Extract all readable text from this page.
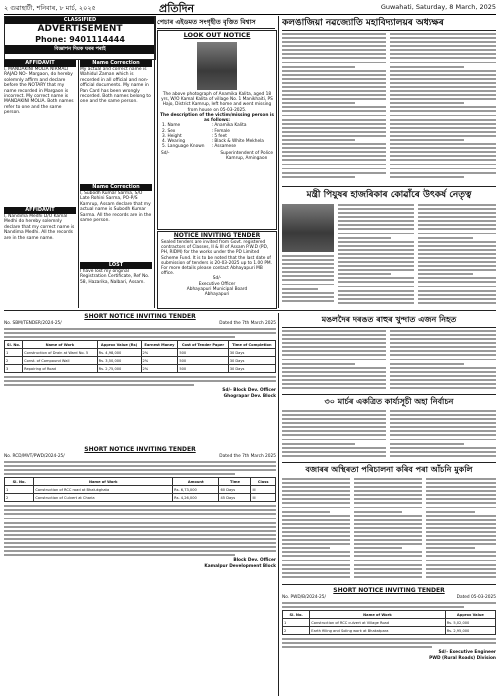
২ গুৱাহাটী, শনিবাৰ, ৮ মাৰ্চ, ২০২৫	প্ৰতিদিন	Guwahati, Saturday, 8 March, 2025
CLASSIFIED
ADVERTISEMENT
Phone: 9401114444
বিজ্ঞাপন দিয়ক ঘৰৰ পৰাই
AFFIDAVIT
I, MANDAKINI MOLIA NIRMALI RAJAD NO- Margaon, do hereby solemnly affirm and declare before the NOTARY that my name recorded in Margaon is incorrect. My correct name is MANDAKINI MOLIA. Both names refer to one and the same person.
AFFIDAVIT
I, Nandima Medhi D/O Kamal Medhi do hereby solemnly declare that my correct name is Nandima Medhi. All the records are in the same name.
Name Correction
My actual and correct name is Wahidul Zaman which is recorded in all official and non-official documents. My name in Pan Card has been wrongly recorded. Both names belong to one and the same person.
Name Correction
I, Subodh Kumar Sarma, S/O Late Rohini Sarma, PO-P/S Kamrup, Assam declare that my actual name is Subodh Kumar Sarma. All the records are in the same person.
LOST
I have lost my original Registration Certificate, Ref No. 58, Hazarika, Nalbari, Assam.
পেচাৰ এইডমত সংগৃহীত বৃত্তিত বিশ্বাস
LOOK OUT NOTICE
The above photograph of Anamika Kalita, aged 18 yrs, W/O Kamal Kalita of village No. 1 Manikhaiti, PS Hajo, District Kamrup, left home and went missing from house on 05-03-2025.
The description of the victim/missing person is as follows:
1. Name	: Anamika Kalita
2. Sex	: Female
3. Height	: 5 feet
4. Wearing	: Black & White Mekhela
5. Language Known	: Assamese
Sd/-	Superintendent of Police
Kamrup, Amingaon
NOTICE INVITING TENDER
Sealed tenders are invited from Govt. registered contractors of Classes, II & III of Assam P.W.D (PD, PH, RIDM) for the works under the PD Limited Scheme Fund. It is to be noted that the last date of submission of tenders is 20-03-2025 up to 1.00 PM. For more details please contact Abhayapuri MB office.
Sd/-
Executive Officer
Abhayapuri Municipal Board
Abhayapuri
কলঙাজিয়া নৱজ্যোতি মহাবিদ্যালয়ৰ অধ্যক্ষৰ
মন্ত্ৰী পিযুষৰ হাজৰিকাৰ কোৱাঁৰে উৎকৰ্ষ নেতৃত্ব
SHORT NOTICE INVITING TENDER
No. SBM/TENDER/2024-25/	Dated the 7th March 2025
Sl. No.	Name of Work	Approx Value (Rs)	Earnest Money	Cost of Tender Paper	Time of Completion
1	Construction of Drain at Ward No. 5	Rs. 4,98,000	2%	500	30 Days
2	Const. of Compound Wall	Rs. 3,50,000	2%	500	30 Days
3	Repairing of Road	Rs. 2,75,000	2%	500	30 Days
Sd/- Block Dev. Officer
Ghograpar Dev. Block
SHORT NOTICE INVITING TENDER
No. RCD/MVT/PWD/2024-25/	Dated the 7th March 2025
Sl. No.	Name of Work	Amount	Time	Class
1	Construction of RCC road at Bhalukghata	Rs. 6,73,000	60 Days	III
2	Construction of Culvert at Charia	Rs. 4,26,000	45 Days	III
Block Dev. Officer
Kamalpur Development Block
মঙলদৈৰ দৰঙত ৰাহুৰ খুন্দাত এজন নিহত
৩০ মাৰ্চৰ একত্ৰিত কাৰ্য্যসূচী অহা নিৰ্বাচন
বজাৰৰ অস্থিৰতা পৰিচালনা কৰিব পৰা আঁচনি মুকলি
SHORT NOTICE INVITING TENDER
No. PWD/B/2024-25/	Dated 05-03-2025
Sl. No.	Name of Work	Approx Value
1	Construction of RCC culvert at Village Road	Rs. 5,02,000
2	Earth filling and Soling work at Bhakatpara	Rs. 2,95,000
Sd/- Executive Engineer
PWD (Rural Roads) Division
